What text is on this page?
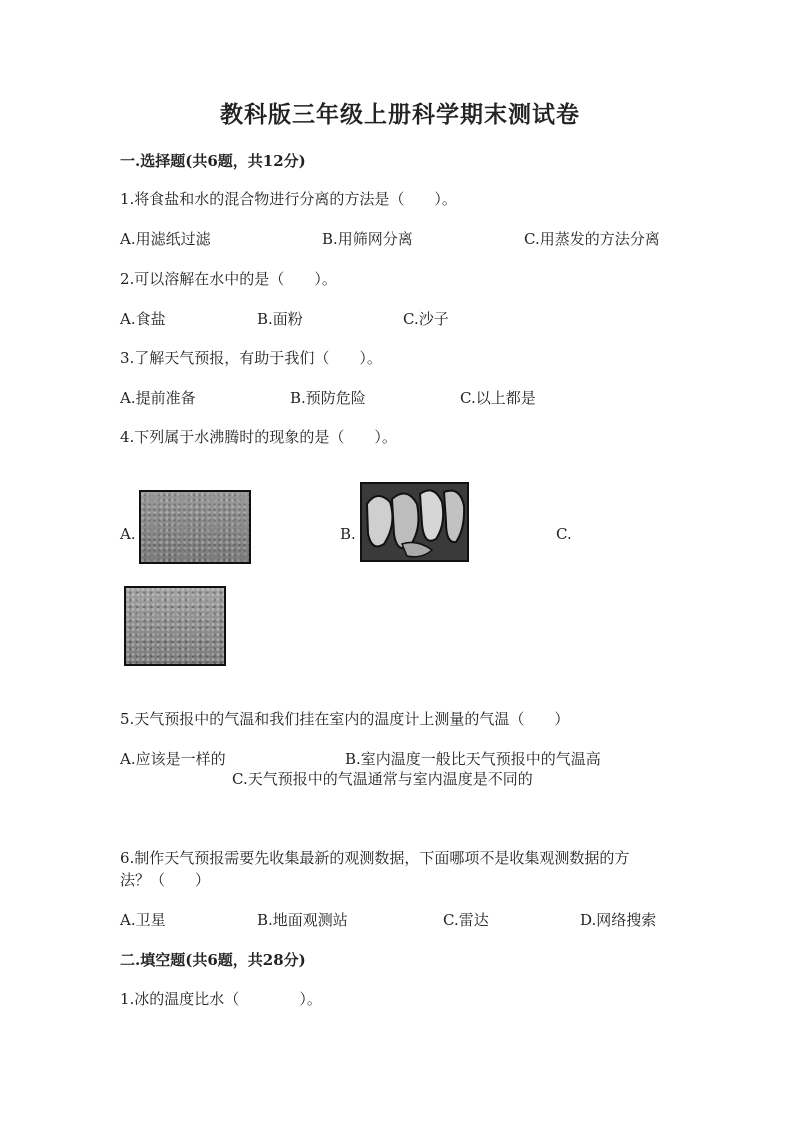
教科版三年级上册科学期末测试卷
一.选择题(共6题，共12分)
1.将食盐和水的混合物进行分离的方法是（　　）。
A.用滤纸过滤	B.用筛网分离	C.用蒸发的方法分离
2.可以溶解在水中的是（　　）。
A.食盐	B.面粉	C.沙子
3.了解天气预报，有助于我们（　　）。
A.提前准备	B.预防危险	C.以上都是
4.下列属于水沸腾时的现象的是（　　）。
A.	B.	C.
5.天气预报中的气温和我们挂在室内的温度计上测量的气温（　　）
A.应该是一样的	B.室内温度一般比天气预报中的气温高
C.天气预报中的气温通常与室内温度是不同的
6.制作天气预报需要先收集最新的观测数据，下面哪项不是收集观测数据的方
法？（　　）
A.卫星	B.地面观测站	C.雷达	D.网络搜索
二.填空题(共6题，共28分)
1.冰的温度比水（　　　　）。
